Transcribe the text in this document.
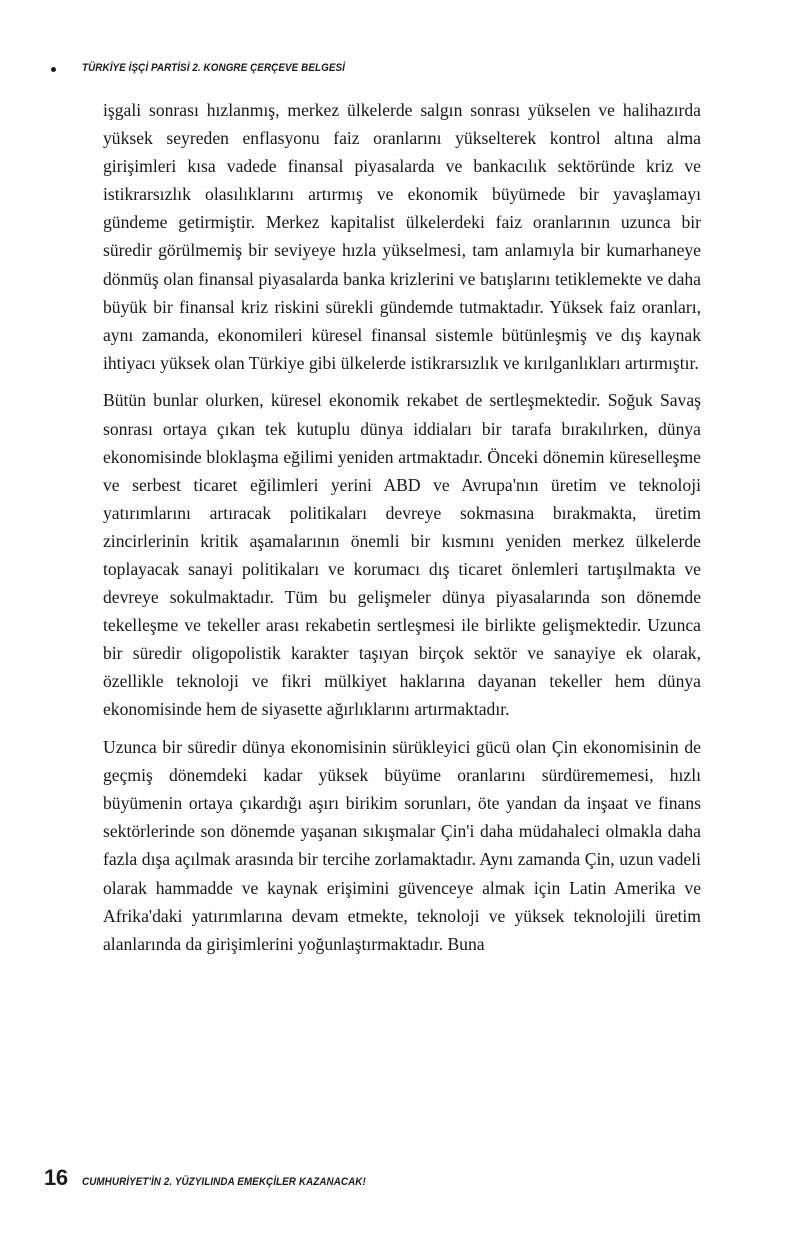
TÜRKİYE İŞÇİ PARTİSİ 2. KONGRE ÇERÇEVE BELGESİ

işgali sonrası hızlanmış, merkez ülkelerde salgın sonrası yükselen ve halihazırda yüksek seyreden enflasyonu faiz oranlarını yükselterek kontrol altına alma girişimleri kısa vadede finansal piyasalarda ve bankacılık sektöründe kriz ve istikrarsızlık olasılıklarını artırmış ve ekonomik büyümede bir yavaşlamayı gündeme getirmiştir. Merkez kapitalist ülkelerdeki faiz oranlarının uzunca bir süredir görülmemiş bir seviyeye hızla yükselmesi, tam anlamıyla bir kumarhaneye dönmüş olan finansal piyasalarda banka krizlerini ve batışlarını tetiklemekte ve daha büyük bir finansal kriz riskini sürekli gündemde tutmaktadır. Yüksek faiz oranları, aynı zamanda, ekonomileri küresel finansal sistemle bütünleşmiş ve dış kaynak ihtiyacı yüksek olan Türkiye gibi ülkelerde istikrarsızlık ve kırılganlıkları artırmıştır.

Bütün bunlar olurken, küresel ekonomik rekabet de sertleşmektedir. Soğuk Savaş sonrası ortaya çıkan tek kutuplu dünya iddiaları bir tarafa bırakılırken, dünya ekonomisinde bloklaşma eğilimi yeniden artmaktadır. Önceki dönemin küreselleşme ve serbest ticaret eğilimleri yerini ABD ve Avrupa'nın üretim ve teknoloji yatırımlarını artıracak politikaları devreye sokmasına bırakmakta, üretim zincirlerinin kritik aşamalarının önemli bir kısmını yeniden merkez ülkelerde toplayacak sanayi politikaları ve korumacı dış ticaret önlemleri tartışılmakta ve devreye sokulmaktadır. Tüm bu gelişmeler dünya piyasalarında son dönemde tekelleşme ve tekeller arası rekabetin sertleşmesi ile birlikte gelişmektedir. Uzunca bir süredir oligopolistik karakter taşıyan birçok sektör ve sanayiye ek olarak, özellikle teknoloji ve fikri mülkiyet haklarına dayanan tekeller hem dünya ekonomisinde hem de siyasette ağırlıklarını artırmaktadır.

Uzunca bir süredir dünya ekonomisinin sürükleyici gücü olan Çin ekonomisinin de geçmiş dönemdeki kadar yüksek büyüme oranlarını sürdürememesi, hızlı büyümenin ortaya çıkardığı aşırı birikim sorunları, öte yandan da inşaat ve finans sektörlerinde son dönemde yaşanan sıkışmalar Çin'i daha müdahaleci olmakla daha fazla dışa açılmak arasında bir tercihe zorlamaktadır. Aynı zamanda Çin, uzun vadeli olarak hammadde ve kaynak erişimini güvenceye almak için Latin Amerika ve Afrika'daki yatırımlarına devam etmekte, teknoloji ve yüksek teknolojili üretim alanlarında da girişimlerini yoğunlaştırmaktadır. Buna

16 CUMHURİYET'İN 2. YÜZYILINDA EMEKÇİLER KAZANACAK!
